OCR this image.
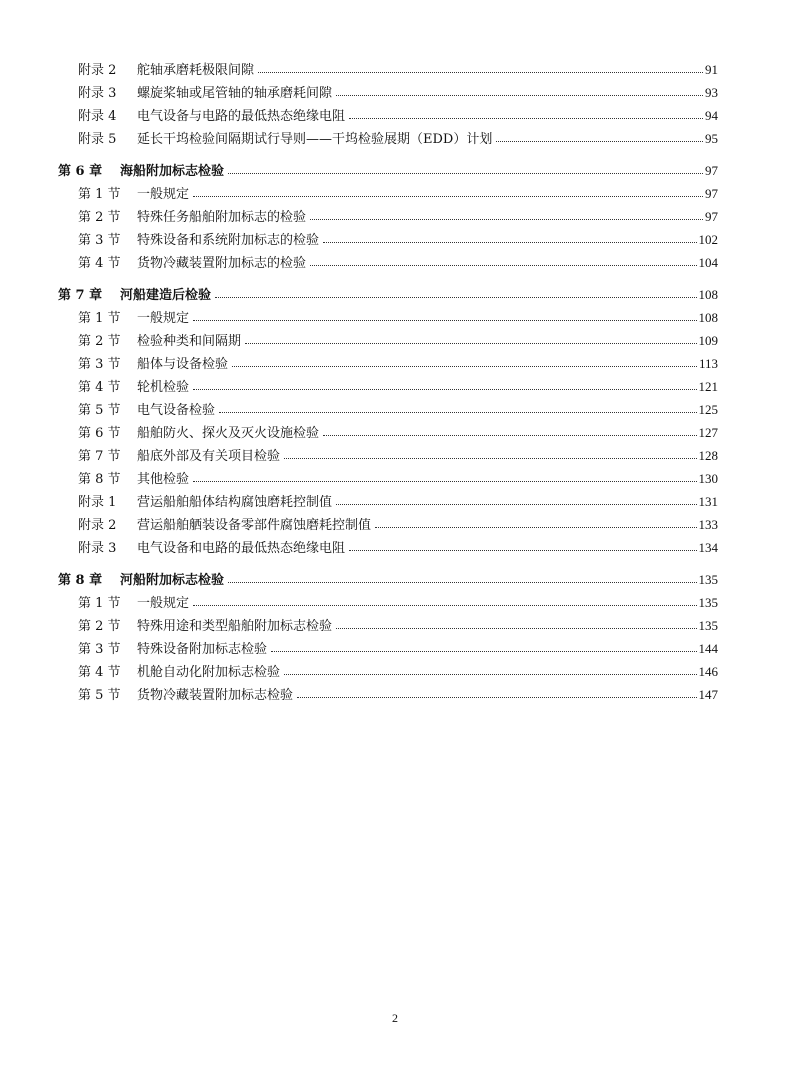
附录 2	舵轴承磨耗极限间隙	91
附录 3	螺旋桨轴或尾管轴的轴承磨耗间隙	93
附录 4	电气设备与电路的最低热态绝缘电阻	94
附录 5	延长干坞检验间隔期试行导则——干坞检验展期（EDD）计划	95
第 6 章	海船附加标志检验	97
第 1 节	一般规定	97
第 2 节	特殊任务船舶附加标志的检验	97
第 3 节	特殊设备和系统附加标志的检验	102
第 4 节	货物冷藏装置附加标志的检验	104
第 7 章	河船建造后检验	108
第 1 节	一般规定	108
第 2 节	检验种类和间隔期	109
第 3 节	船体与设备检验	113
第 4 节	轮机检验	121
第 5 节	电气设备检验	125
第 6 节	船舶防火、探火及灭火设施检验	127
第 7 节	船底外部及有关项目检验	128
第 8 节	其他检验	130
附录 1	营运船舶船体结构腐蚀磨耗控制值	131
附录 2	营运船舶舾装设备零部件腐蚀磨耗控制值	133
附录 3	电气设备和电路的最低热态绝缘电阻	134
第 8 章	河船附加标志检验	135
第 1 节	一般规定	135
第 2 节	特殊用途和类型船舶附加标志检验	135
第 3 节	特殊设备附加标志检验	144
第 4 节	机舱自动化附加标志检验	146
第 5 节	货物冷藏装置附加标志检验	147
2
